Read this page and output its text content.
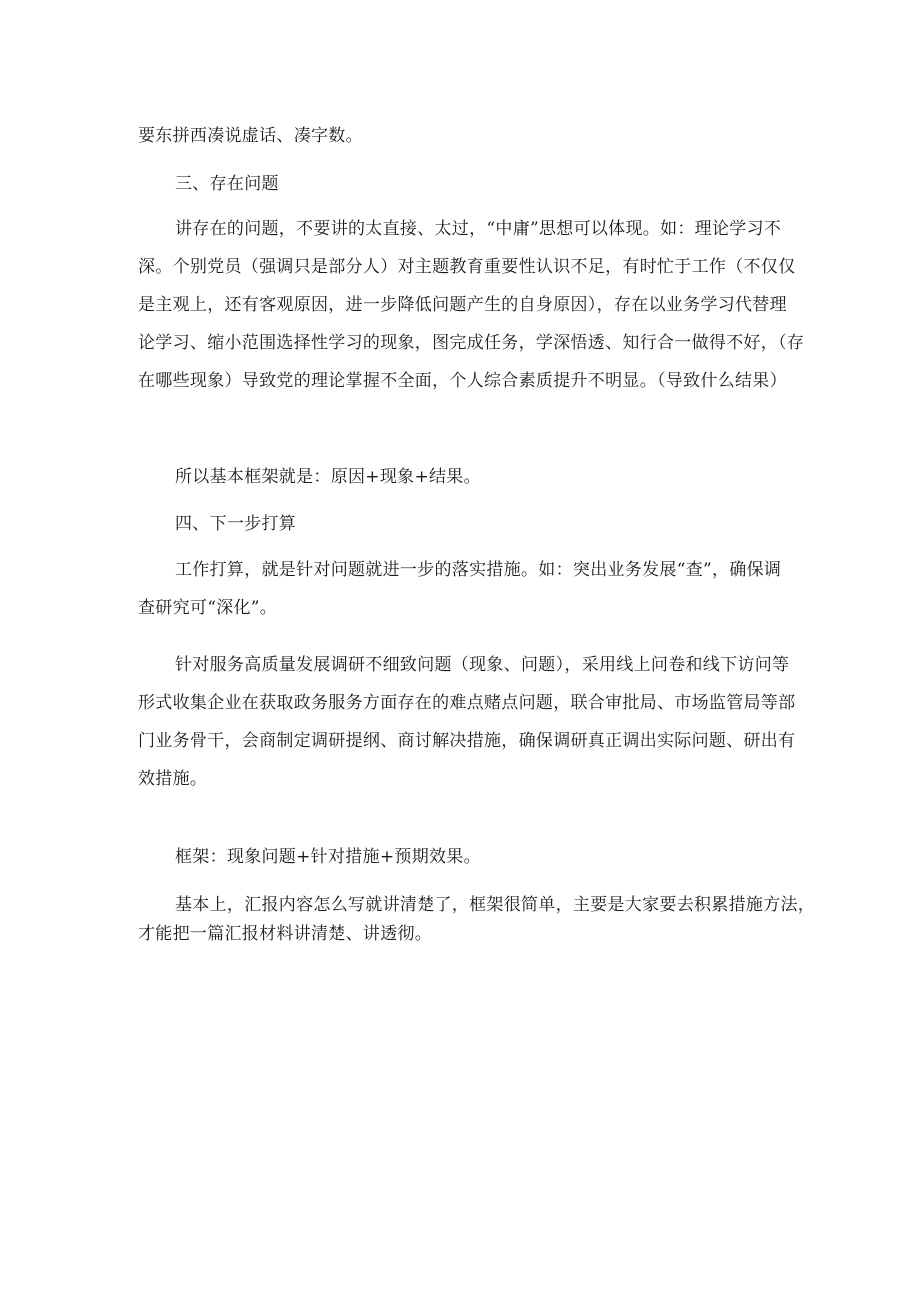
要东拼西凑说虚话、凑字数。

三、存在问题

讲存在的问题，不要讲的太直接、太过，“中庸”思想可以体现。如：理论学习不
深。个别党员（强调只是部分人）对主题教育重要性认识不足，有时忙于工作（不仅仅
是主观上，还有客观原因，进一步降低问题产生的自身原因），存在以业务学习代替理
论学习、缩小范围选择性学习的现象，图完成任务，学深悟透、知行合一做得不好，（存
在哪些现象）导致党的理论掌握不全面，个人综合素质提升不明显。（导致什么结果）

所以基本框架就是：原因+现象+结果。

四、下一步打算

工作打算，就是针对问题就进一步的落实措施。如：突出业务发展“查”，确保调
查研究可“深化”。

针对服务高质量发展调研不细致问题（现象、问题），采用线上问卷和线下访问等
形式收集企业在获取政务服务方面存在的难点赌点问题，联合审批局、市场监管局等部
门业务骨干，会商制定调研提纲、商讨解决措施，确保调研真正调出实际问题、研出有
效措施。

框架：现象问题+针对措施+预期效果。

基本上，汇报内容怎么写就讲清楚了，框架很简单，主要是大家要去积累措施方法，
才能把一篇汇报材料讲清楚、讲透彻。
